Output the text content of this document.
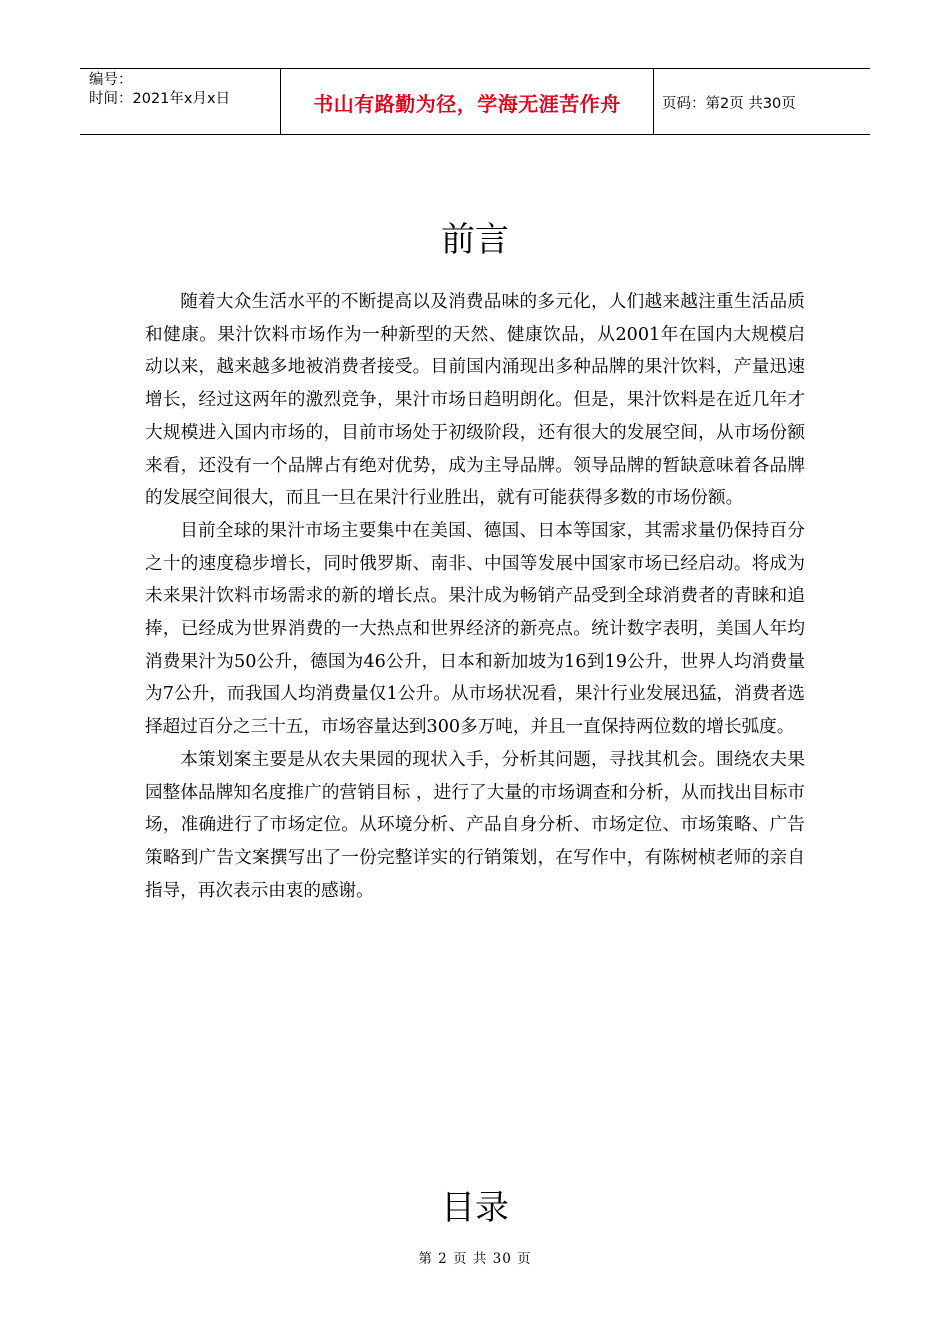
编号：
时间：2021年x月x日	书山有路勤为径，学海无涯苦作舟	页码：第2页 共30页
前言

随着大众生活水平的不断提高以及消费品味的多元化，人们越来越注重生活品质和健康。果汁饮料市场作为一种新型的天然、健康饮品，从2001年在国内大规模启动以来，越来越多地被消费者接受。目前国内涌现出多种品牌的果汁饮料，产量迅速增长，经过这两年的激烈竞争，果汁市场日趋明朗化。但是，果汁饮料是在近几年才大规模进入国内市场的，目前市场处于初级阶段，还有很大的发展空间，从市场份额来看，还没有一个品牌占有绝对优势，成为主导品牌。领导品牌的暂缺意味着各品牌的发展空间很大，而且一旦在果汁行业胜出，就有可能获得多数的市场份额。

目前全球的果汁市场主要集中在美国、德国、日本等国家，其需求量仍保持百分之十的速度稳步增长，同时俄罗斯、南非、中国等发展中国家市场已经启动。将成为未来果汁饮料市场需求的新的增长点。果汁成为畅销产品受到全球消费者的青睐和追捧，已经成为世界消费的一大热点和世界经济的新亮点。统计数字表明，美国人年均消费果汁为50公升，德国为46公升，日本和新加坡为16到19公升，世界人均消费量为7公升，而我国人均消费量仅1公升。从市场状况看，果汁行业发展迅猛，消费者选择超过百分之三十五，市场容量达到300多万吨，并且一直保持两位数的增长弧度。

本策划案主要是从农夫果园的现状入手，分析其问题，寻找其机会。围绕农夫果园整体品牌知名度推广的营销目标 ，进行了大量的市场调查和分析，从而找出目标市场，准确进行了市场定位。从环境分析、产品自身分析、市场定位、市场策略、广告策略到广告文案撰写出了一份完整详实的行销策划，在写作中，有陈树桢老师的亲自指导，再次表示由衷的感谢。

目录
第 2 页 共 30 页
